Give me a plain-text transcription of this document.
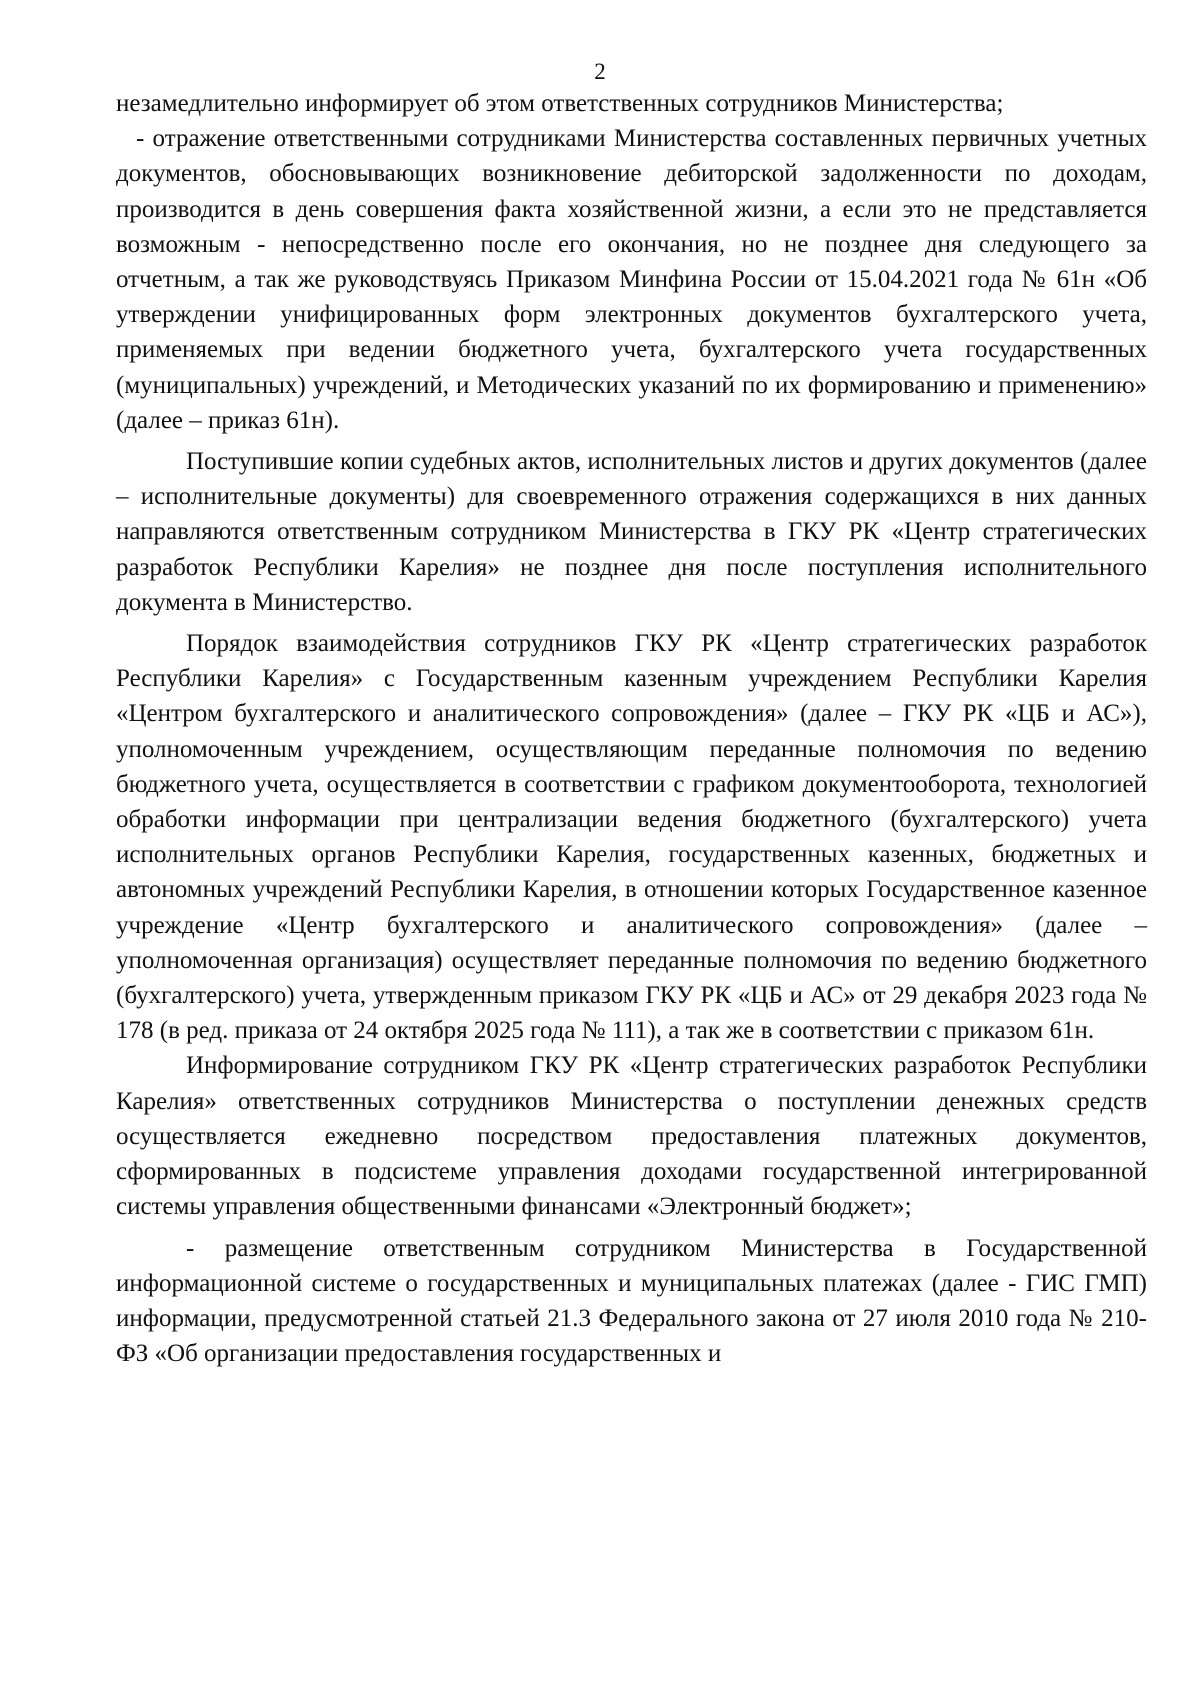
2

незамедлительно информирует об этом ответственных сотрудников Министерства;

- отражение ответственными сотрудниками Министерства составленных первичных учетных документов, обосновывающих возникновение дебиторской задолженности по доходам, производится в день совершения факта хозяйственной жизни, а если это не представляется возможным - непосредственно после его окончания, но не позднее дня следующего за отчетным, а так же руководствуясь Приказом Минфина России от 15.04.2021 года № 61н «Об утверждении унифицированных форм электронных документов бухгалтерского учета, применяемых при ведении бюджетного учета, бухгалтерского учета государственных (муниципальных) учреждений, и Методических указаний по их формированию и применению» (далее – приказ 61н).

Поступившие копии судебных актов, исполнительных листов и других документов (далее – исполнительные документы) для своевременного отражения содержащихся в них данных направляются ответственным сотрудником Министерства в ГКУ РК «Центр стратегических разработок Республики Карелия» не позднее дня после поступления исполнительного документа в Министерство.

Порядок взаимодействия сотрудников ГКУ РК «Центр стратегических разработок Республики Карелия» с Государственным казенным учреждением Республики Карелия «Центром бухгалтерского и аналитического сопровождения» (далее – ГКУ РК «ЦБ и АС»), уполномоченным учреждением, осуществляющим переданные полномочия по ведению бюджетного учета, осуществляется в соответствии с графиком документооборота, технологией обработки информации при централизации ведения бюджетного (бухгалтерского) учета исполнительных органов Республики Карелия, государственных казенных, бюджетных и автономных учреждений Республики Карелия, в отношении которых Государственное казенное учреждение «Центр бухгалтерского и аналитического сопровождения» (далее – уполномоченная организация) осуществляет переданные полномочия по ведению бюджетного (бухгалтерского) учета, утвержденным приказом ГКУ РК «ЦБ и АС» от 29 декабря 2023 года № 178 (в ред. приказа от 24 октября 2025 года № 111), а так же в соответствии с приказом 61н.

Информирование сотрудником ГКУ РК «Центр стратегических разработок Республики Карелия» ответственных сотрудников Министерства о поступлении денежных средств осуществляется ежедневно посредством предоставления платежных документов, сформированных в подсистеме управления доходами государственной интегрированной системы управления общественными финансами «Электронный бюджет»;

- размещение ответственным сотрудником Министерства в Государственной информационной системе о государственных и муниципальных платежах (далее - ГИС ГМП) информации, предусмотренной статьей 21.3 Федерального закона от 27 июля 2010 года № 210-ФЗ «Об организации предоставления государственных и
